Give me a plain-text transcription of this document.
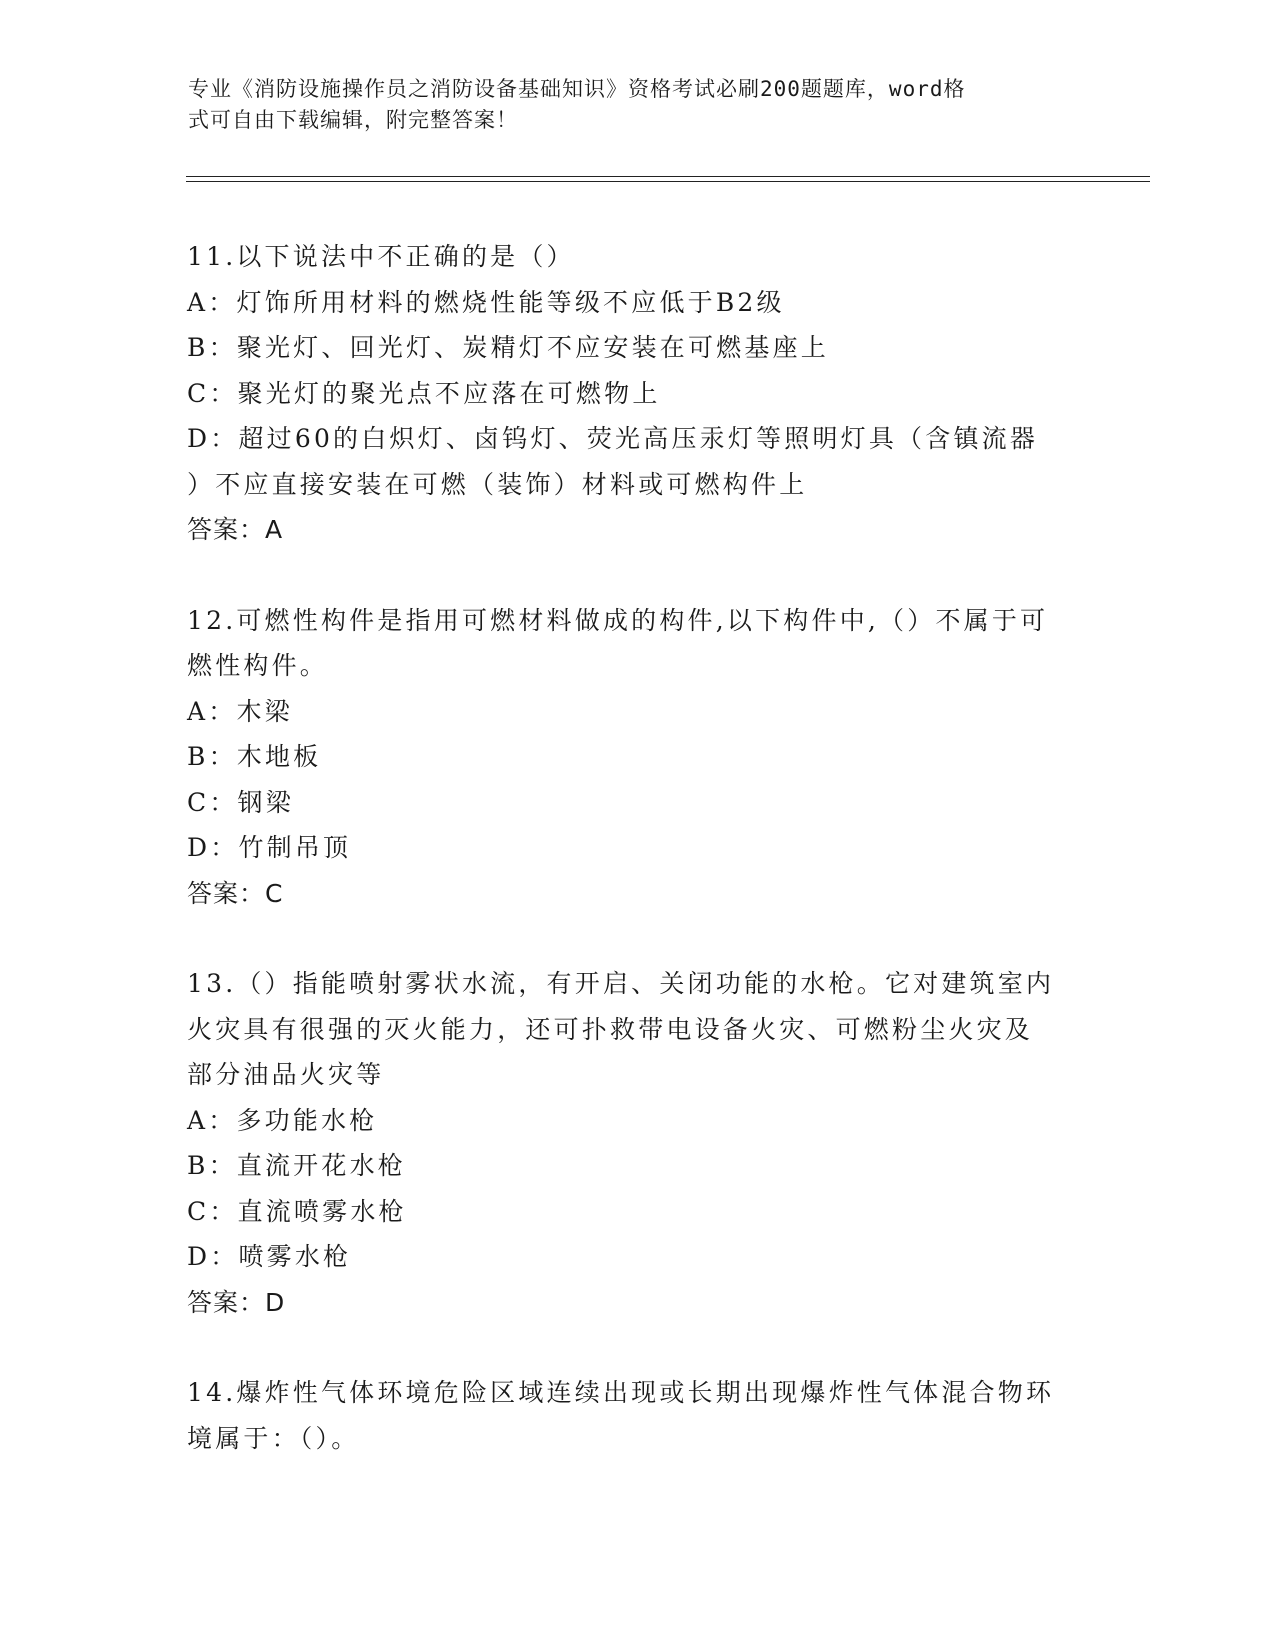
专业《消防设施操作员之消防设备基础知识》资格考试必刷200题题库，word格
式可自由下载编辑，附完整答案！
11.以下说法中不正确的是（）
A：灯饰所用材料的燃烧性能等级不应低于B2级
B：聚光灯、回光灯、炭精灯不应安装在可燃基座上
C：聚光灯的聚光点不应落在可燃物上
D：超过60的白炽灯、卤钨灯、荧光高压汞灯等照明灯具（含镇流器
）不应直接安装在可燃（装饰）材料或可燃构件上
答案：A
12.可燃性构件是指用可燃材料做成的构件,以下构件中,（）不属于可
燃性构件。
A：木梁
B：木地板
C：钢梁
D：竹制吊顶
答案：C
13.（）指能喷射雾状水流，有开启、关闭功能的水枪。它对建筑室内
火灾具有很强的灭火能力，还可扑救带电设备火灾、可燃粉尘火灾及
部分油品火灾等
A：多功能水枪
B：直流开花水枪
C：直流喷雾水枪
D：喷雾水枪
答案：D
14.爆炸性气体环境危险区域连续出现或长期出现爆炸性气体混合物环
境属于：（）。
